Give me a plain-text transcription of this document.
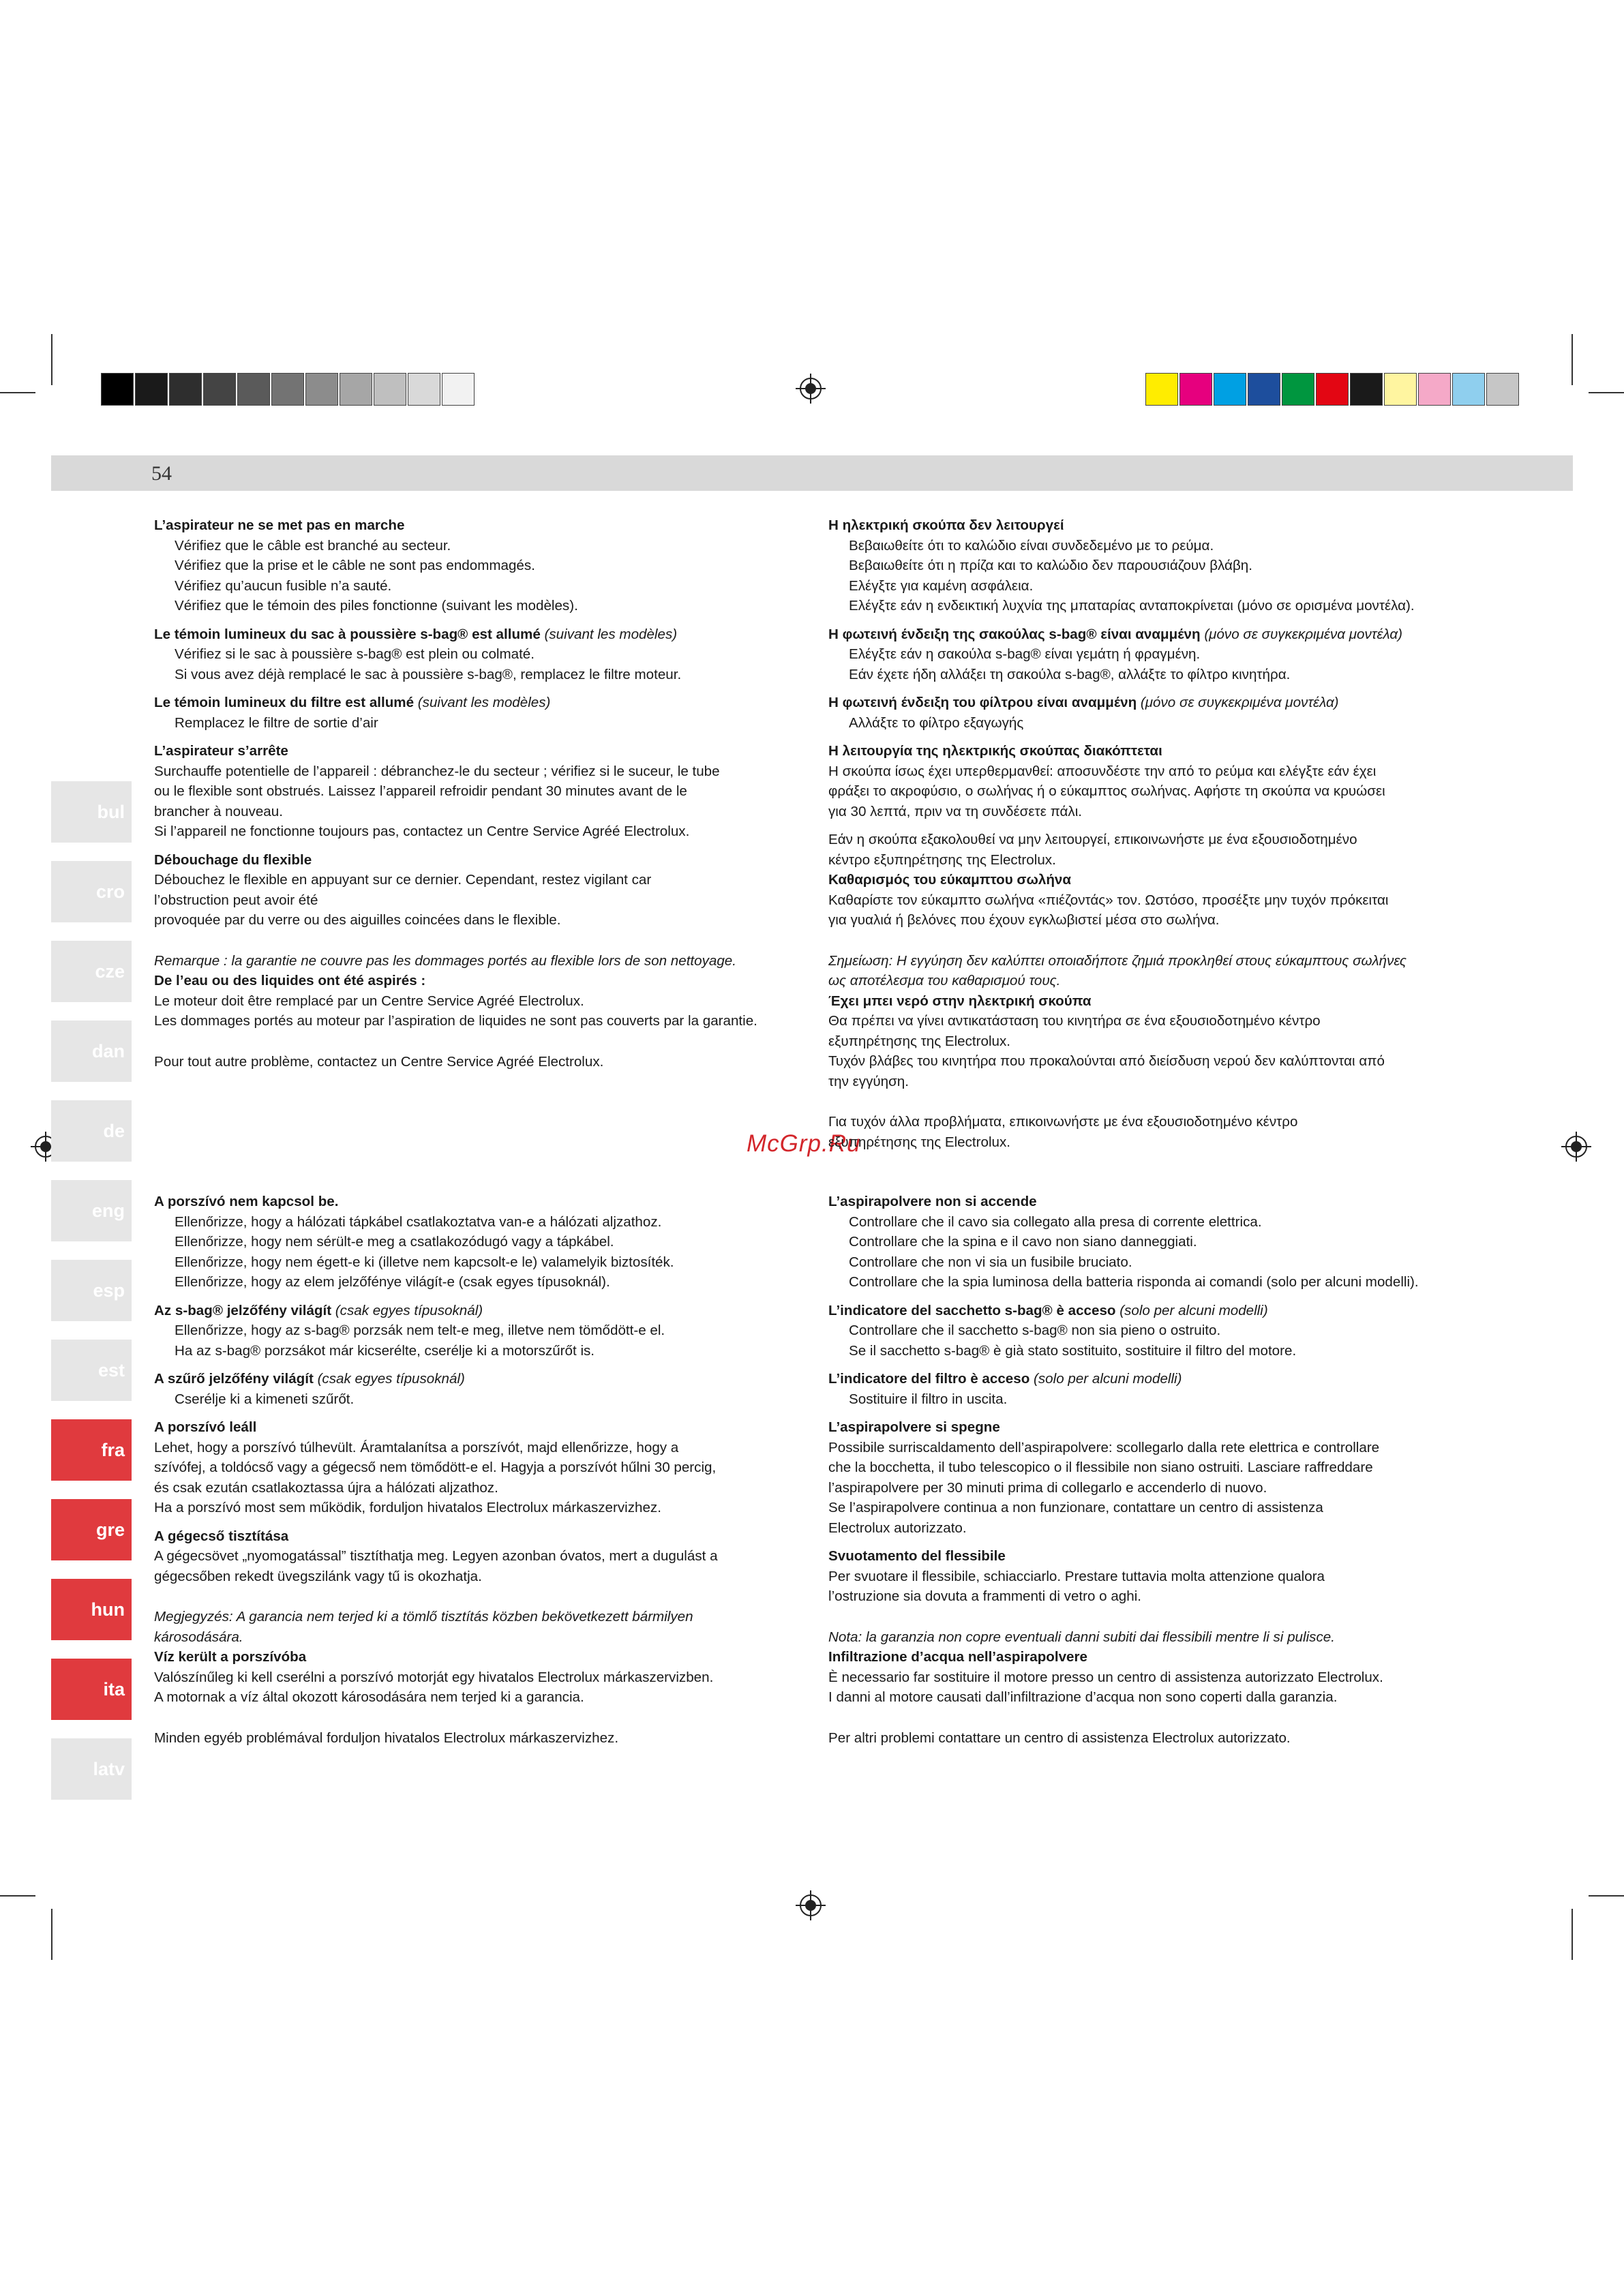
54
bul
cro
cze
dan
de
eng
esp
est
fra
gre
hun
ita
latv
McGrp.Ru

L’aspirateur ne se met pas en marche

Vérifiez que le câble est branché au secteur.

Vérifiez que la prise et le câble ne sont pas endommagés.

Vérifiez qu’aucun fusible n’a sauté.

Vérifiez que le témoin des piles fonctionne (suivant les modèles).

Le témoin lumineux du sac à poussière s-bag® est allumé (suivant les modèles)

Vérifiez si le sac à poussière s-bag® est plein ou colmaté.

Si vous avez déjà remplacé le sac à poussière s-bag®, remplacez le filtre moteur.

Le témoin lumineux du filtre est allumé (suivant les modèles)

Remplacez le filtre de sortie d’air

L’aspirateur s’arrête

Surchauffe potentielle de l’appareil : débranchez-le du secteur ; vérifiez si le suceur, le tube

ou le flexible sont obstrués. Laissez l’appareil refroidir pendant 30 minutes avant de le

brancher à nouveau.

Si l’appareil ne fonctionne toujours pas, contactez un Centre Service Agréé Electrolux.

Débouchage du flexible

Débouchez le flexible en appuyant sur ce dernier. Cependant, restez vigilant car

l’obstruction peut avoir été

provoquée par du verre ou des aiguilles coincées dans le flexible.

Remarque : la garantie ne couvre pas les dommages portés au flexible lors de son nettoyage.

De l’eau ou des liquides ont été aspirés :

Le moteur doit être remplacé par un Centre Service Agréé Electrolux.

Les dommages portés au moteur par l’aspiration de liquides ne sont pas couverts par la garantie.

Pour tout autre problème, contactez un Centre Service Agréé Electrolux.

Η ηλεκτρική σκούπα δεν λειτουργεί

Βεβαιωθείτε ότι το καλώδιο είναι συνδεδεμένο με το ρεύμα.

Βεβαιωθείτε ότι η πρίζα και το καλώδιο δεν παρουσιάζουν βλάβη.

Ελέγξτε για καμένη ασφάλεια.

Ελέγξτε εάν η ενδεικτική λυχνία της μπαταρίας ανταποκρίνεται (μόνο σε ορισμένα μοντέλα).

Η φωτεινή ένδειξη της σακούλας s-bag® είναι αναμμένη (μόνο σε συγκεκριμένα μοντέλα)

Ελέγξτε εάν η σακούλα s-bag® είναι γεμάτη ή φραγμένη.

Εάν έχετε ήδη αλλάξει τη σακούλα s-bag®, αλλάξτε το φίλτρο κινητήρα.

Η φωτεινή ένδειξη του φίλτρου είναι αναμμένη (μόνο σε συγκεκριμένα μοντέλα)

Αλλάξτε το φίλτρο εξαγωγής

Η λειτουργία της ηλεκτρικής σκούπας διακόπτεται

Η σκούπα ίσως έχει υπερθερμανθεί: αποσυνδέστε την από το ρεύμα και ελέγξτε εάν έχει

φράξει το ακροφύσιο, ο σωλήνας ή ο εύκαμπτος σωλήνας. Αφήστε τη σκούπα να κρυώσει

για 30 λεπτά, πριν να τη συνδέσετε πάλι.

Εάν η σκούπα εξακολουθεί να μην λειτουργεί, επικοινωνήστε με ένα εξουσιοδοτημένο

κέντρο εξυπηρέτησης της Electrolux.

Καθαρισμός του εύκαμπτου σωλήνα

Καθαρίστε τον εύκαμπτο σωλήνα «πιέζοντάς» τον. Ωστόσο, προσέξτε μην τυχόν πρόκειται

για γυαλιά ή βελόνες που έχουν εγκλωβιστεί μέσα στο σωλήνα.

Σημείωση: Η εγγύηση δεν καλύπτει οποιαδήποτε ζημιά προκληθεί στους εύκαμπτους σωλήνες

ως αποτέλεσμα του καθαρισμού τους.

Έχει μπει νερό στην ηλεκτρική σκούπα

Θα πρέπει να γίνει αντικατάσταση του κινητήρα σε ένα εξουσιοδοτημένο κέντρο

εξυπηρέτησης της Electrolux.

Τυχόν βλάβες του κινητήρα που προκαλούνται από διείσδυση νερού δεν καλύπτονται από

την εγγύηση.

Για τυχόν άλλα προβλήματα, επικοινωνήστε με ένα εξουσιοδοτημένο κέντρο

εξυπηρέτησης της Electrolux.

A porszívó nem kapcsol be.

Ellenőrizze, hogy a hálózati tápkábel csatlakoztatva van-e a hálózati aljzathoz.

Ellenőrizze, hogy nem sérült-e meg a csatlakozódugó vagy a tápkábel.

Ellenőrizze, hogy nem égett-e ki (illetve nem kapcsolt-e le) valamelyik biztosíték.

Ellenőrizze, hogy az elem jelzőfénye világít-e (csak egyes típusoknál).

Az s-bag® jelzőfény világít (csak egyes típusoknál)

Ellenőrizze, hogy az s-bag® porzsák nem telt-e meg, illetve nem tömődött-e el.

Ha az s-bag® porzsákot már kicserélte, cserélje ki a motorszűrőt is.

A szűrő jelzőfény világít (csak egyes típusoknál)

Cserélje ki a kimeneti szűrőt.

A porszívó leáll

Lehet, hogy a porszívó túlhevült. Áramtalanítsa a porszívót, majd ellenőrizze, hogy a

szívófej, a toldócső vagy a gégecső nem tömődött-e el. Hagyja a porszívót hűlni 30 percig,

és csak ezután csatlakoztassa újra a hálózati aljzathoz.

Ha a porszívó most sem működik, forduljon hivatalos Electrolux márkaszervizhez.

A gégecső tisztítása

A gégecsövet „nyomogatással” tisztíthatja meg. Legyen azonban óvatos, mert a dugulást a

gégecsőben rekedt üvegszilánk vagy tű is okozhatja.

Megjegyzés: A garancia nem terjed ki a tömlő tisztítás közben bekövetkezett bármilyen

károsodására.

Víz került a porszívóba

Valószínűleg ki kell cserélni a porszívó motorját egy hivatalos Electrolux márkaszervizben.

A motornak a víz által okozott károsodására nem terjed ki a garancia.

Minden egyéb problémával forduljon hivatalos Electrolux márkaszervizhez.

L’aspirapolvere non si accende

Controllare che il cavo sia collegato alla presa di corrente elettrica.

Controllare che la spina e il cavo non siano danneggiati.

Controllare che non vi sia un fusibile bruciato.

Controllare che la spia luminosa della batteria risponda ai comandi (solo per alcuni modelli).

L’indicatore del sacchetto s-bag® è acceso (solo per alcuni modelli)

Controllare che il sacchetto s-bag® non sia pieno o ostruito.

Se il sacchetto s-bag® è già stato sostituito, sostituire il filtro del motore.

L’indicatore del filtro è acceso (solo per alcuni modelli)

Sostituire il filtro in uscita.

L’aspirapolvere si spegne

Possibile surriscaldamento dell’aspirapolvere: scollegarlo dalla rete elettrica e controllare

che la bocchetta, il tubo telescopico o il flessibile non siano ostruiti. Lasciare raffreddare

l’aspirapolvere per 30 minuti prima di collegarlo e accenderlo di nuovo.

Se l’aspirapolvere continua a non funzionare, contattare un centro di assistenza

Electrolux autorizzato.

Svuotamento del flessibile

Per svuotare il flessibile, schiacciarlo. Prestare tuttavia molta attenzione qualora

l’ostruzione sia dovuta a frammenti di vetro o aghi.

Nota: la garanzia non copre eventuali danni subiti dai flessibili mentre li si pulisce.

Infiltrazione d’acqua nell’aspirapolvere

È necessario far sostituire il motore presso un centro di assistenza autorizzato Electrolux.

I danni al motore causati dall’infiltrazione d’acqua non sono coperti dalla garanzia.

Per altri problemi contattare un centro di assistenza Electrolux autorizzato.
